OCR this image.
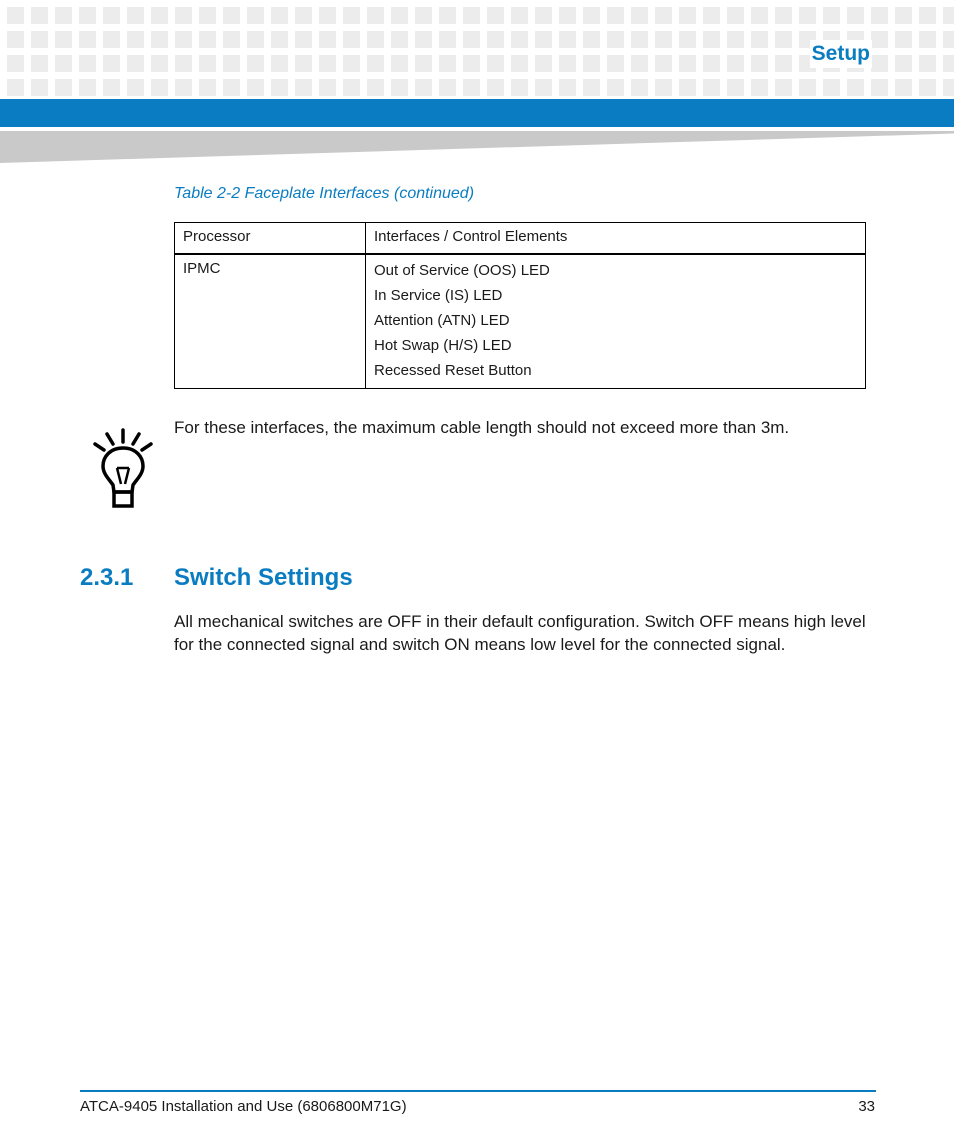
Setup
Table 2-2 Faceplate Interfaces (continued)
Processor	Interfaces / Control Elements
IPMC	Out of Service (OOS) LED
In Service (IS) LED
Attention (ATN) LED
Hot Swap (H/S) LED
Recessed Reset Button
For these interfaces, the maximum cable length should not exceed more than 3m.
2.3.1 Switch Settings
All mechanical switches are OFF in their default configuration. Switch OFF means high level for the connected signal and switch ON means low level for the connected signal.
ATCA-9405 Installation and Use (6806800M71G)	33
